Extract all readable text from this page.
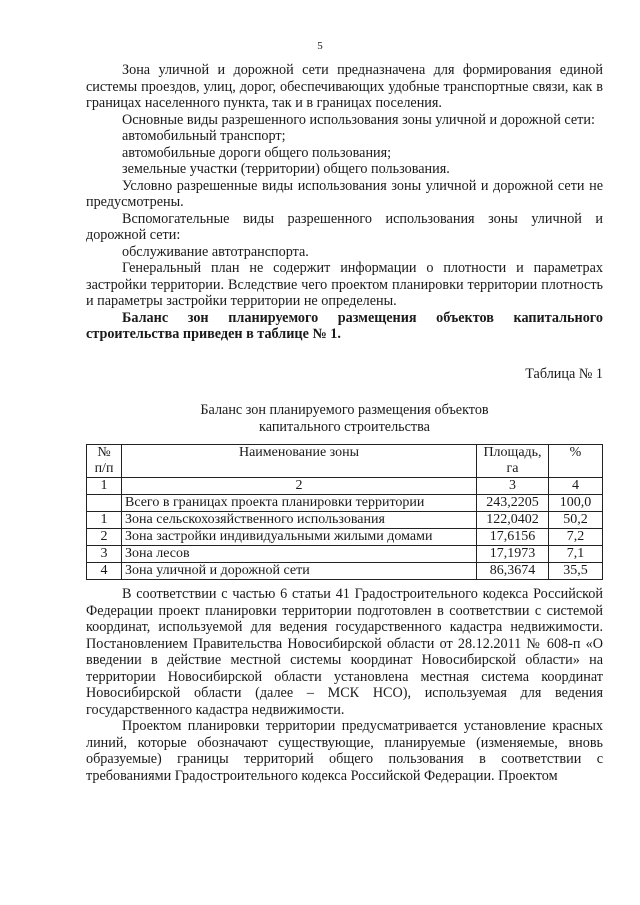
5

Зона уличной и дорожной сети предназначена для формирования единой системы проездов, улиц, дорог, обеспечивающих удобные транспортные связи, как в границах населенного пункта, так и в границах поселения.

Основные виды разрешенного использования зоны уличной и дорожной сети:

автомобильный транспорт;

автомобильные дороги общего пользования;

земельные участки (территории) общего пользования.

Условно разрешенные виды использования зоны уличной и дорожной сети не предусмотрены.

Вспомогательные виды разрешенного использования зоны уличной и дорожной сети:

обслуживание автотранспорта.

Генеральный план не содержит информации о плотности и параметрах застройки территории. Вследствие чего проектом планировки территории плотность и параметры застройки территории не определены.

Баланс зон планируемого размещения объектов капитального строительства приведен в таблице № 1.

Таблица № 1
Баланс зон планируемого размещения объектов
капитального строительства
№ п/п	Наименование зоны	Площадь, га	%
1	2	3	4
	Всего в границах проекта планировки территории	243,2205	100,0
1	Зона сельскохозяйственного использования	122,0402	50,2
2	Зона застройки индивидуальными жилыми домами	17,6156	7,2
3	Зона лесов	17,1973	7,1
4	Зона уличной и дорожной сети	86,3674	35,5

В соответствии с частью 6 статьи 41 Градостроительного кодекса Российской Федерации проект планировки территории подготовлен в соответствии с системой координат, используемой для ведения государственного кадастра недвижимости. Постановлением Правительства Новосибирской области от 28.12.2011 № 608-п «О введении в действие местной системы координат Новосибирской области» на территории Новосибирской области установлена местная система координат Новосибирской области (далее – МСК НСО), используемая для ведения государственного кадастра недвижимости.

Проектом планировки территории предусматривается установление красных линий, которые обозначают существующие, планируемые (изменяемые, вновь образуемые) границы территорий общего пользования в соответствии с требованиями Градостроительного кодекса Российской Федерации. Проектом
